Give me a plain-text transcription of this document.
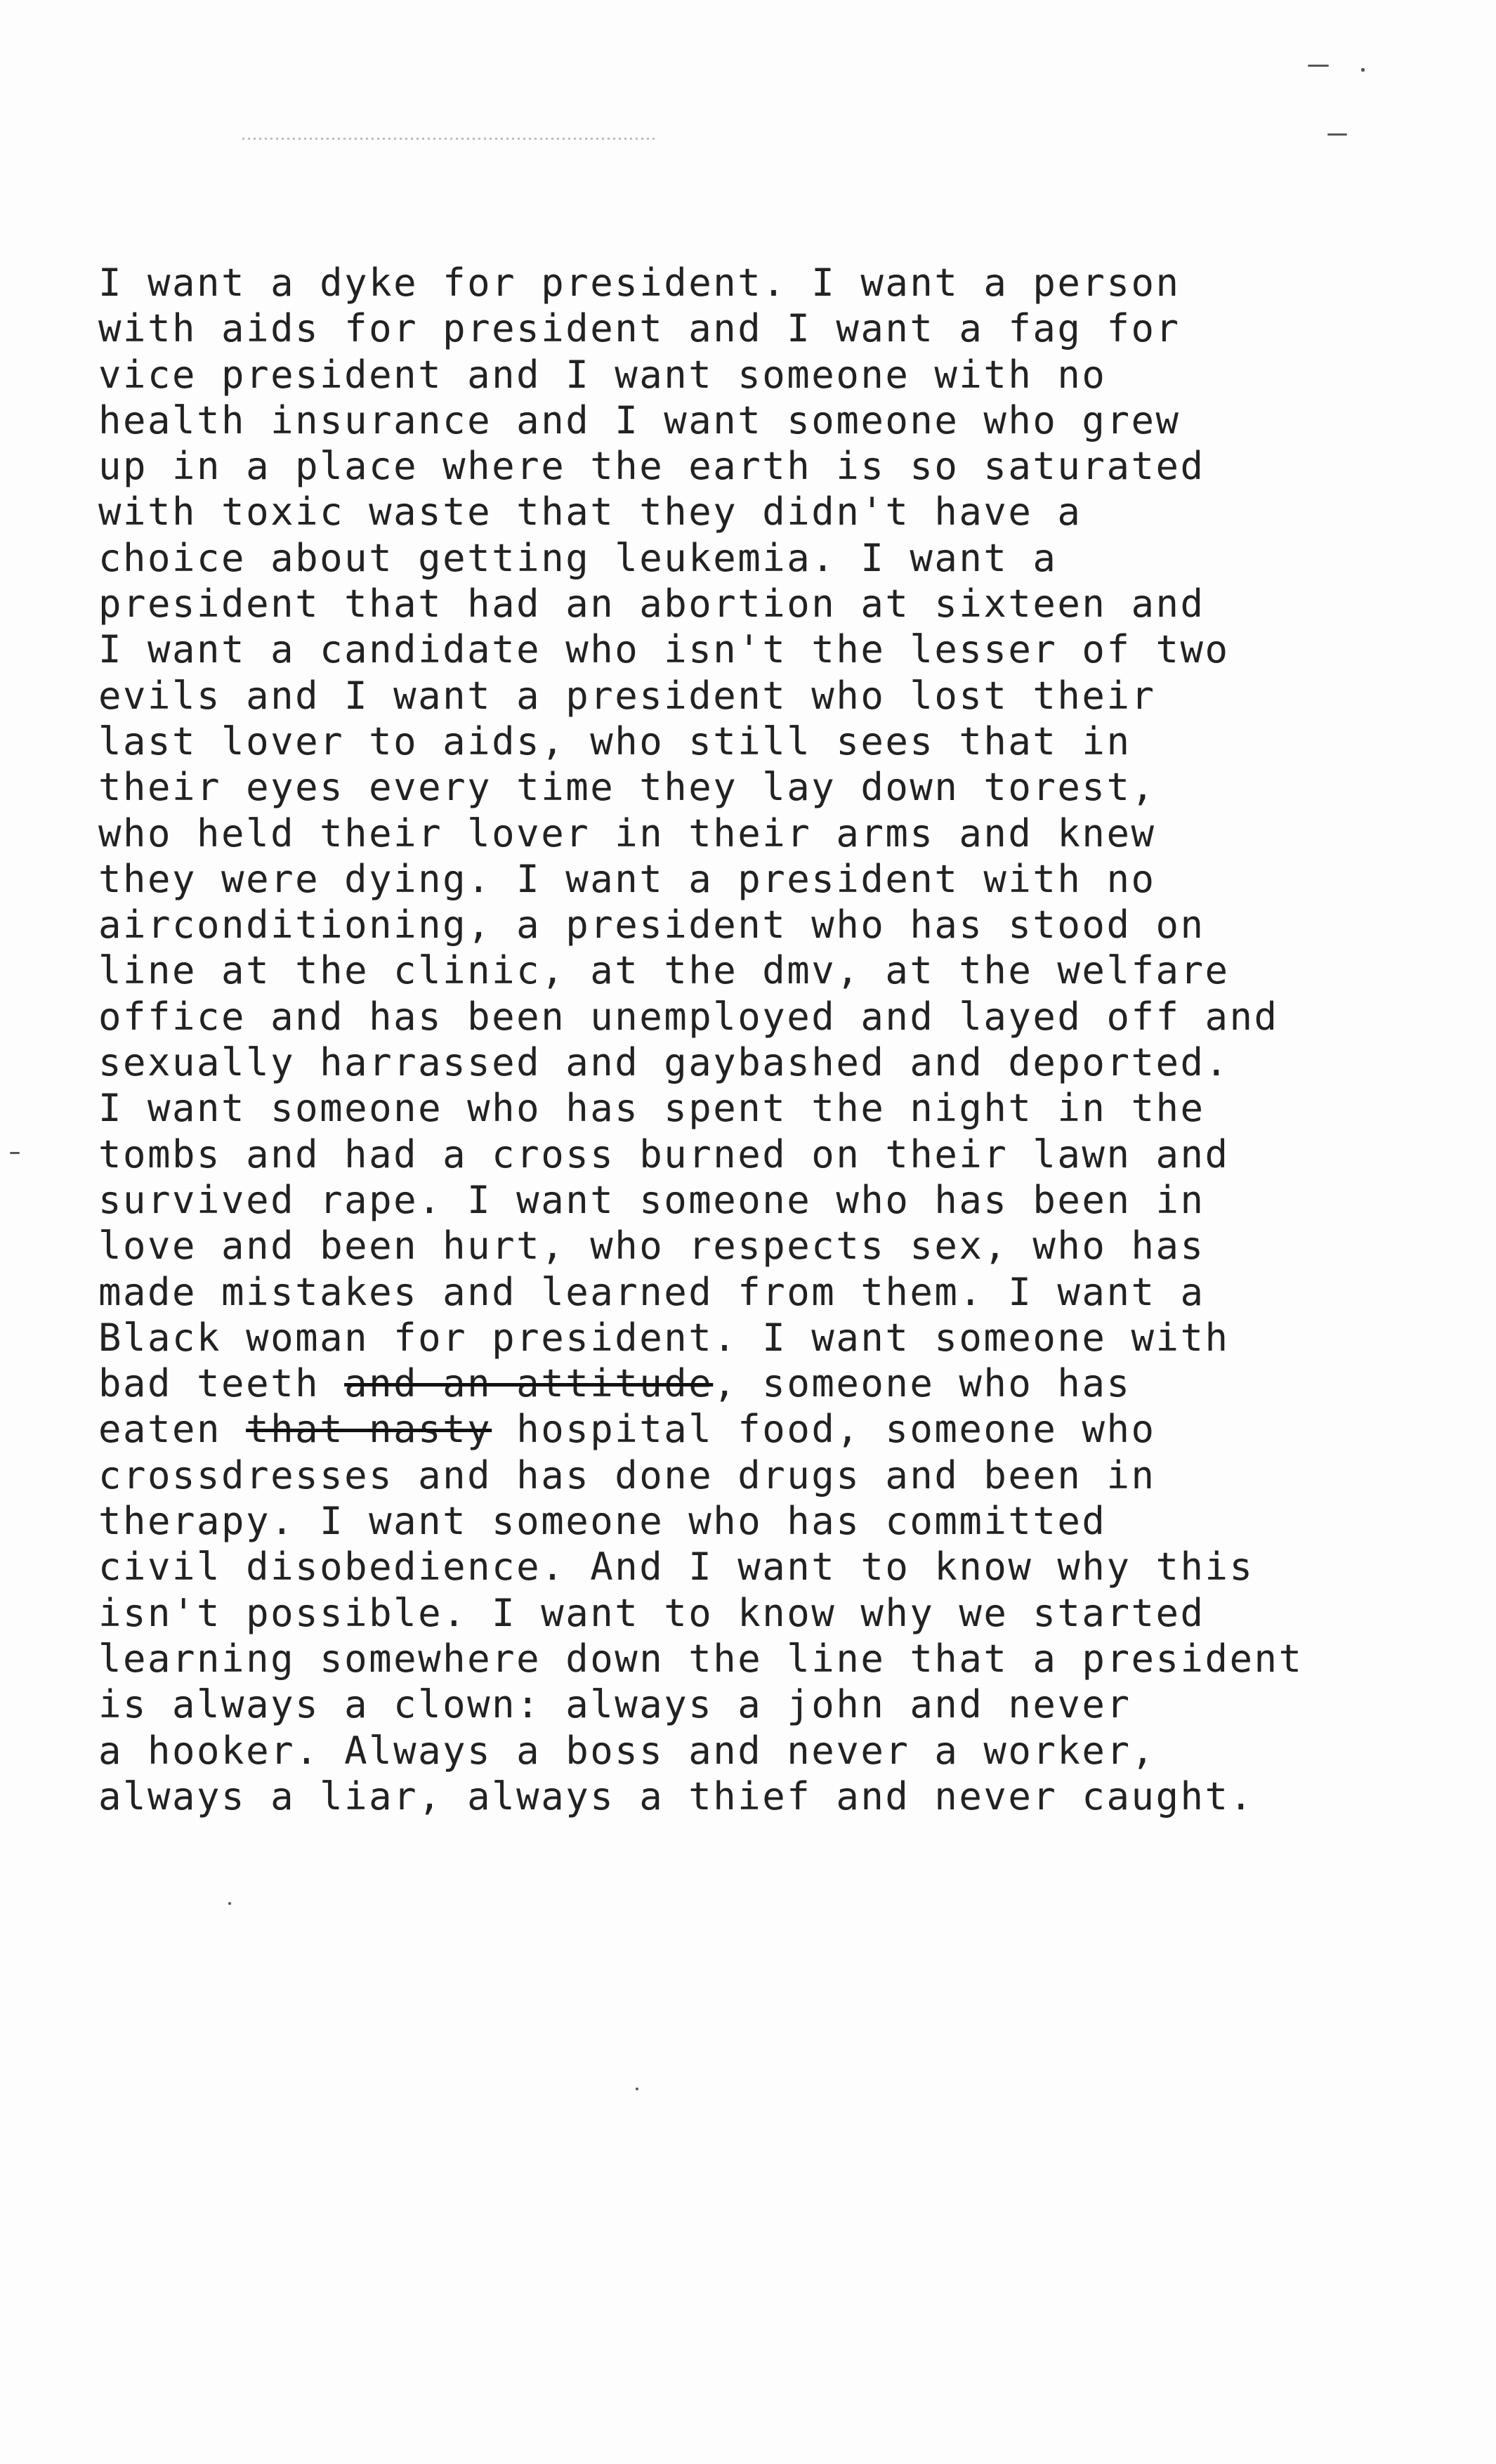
I want a dyke for president. I want a person
with aids for president and I want a fag for
vice president and I want someone with no
health insurance and I want someone who grew
up in a place where the earth is so saturated
with toxic waste that they didn't have a
choice about getting leukemia. I want a
president that had an abortion at sixteen and
I want a candidate who isn't the lesser of two
evils and I want a president who lost their
last lover to aids, who still sees that in
their eyes every time they lay down torest,
who held their lover in their arms and knew
they were dying. I want a president with no
airconditioning, a president who has stood on
line at the clinic, at the dmv, at the welfare
office and has been unemployed and layed off and
sexually harrassed and gaybashed and deported.
I want someone who has spent the night in the
tombs and had a cross burned on their lawn and
survived rape. I want someone who has been in
love and been hurt, who respects sex, who has
made mistakes and learned from them. I want a
Black woman for president. I want someone with
bad teeth and an attitude, someone who has
eaten that nasty hospital food, someone who
crossdresses and has done drugs and been in
therapy. I want someone who has committed
civil disobedience. And I want to know why this
isn't possible. I want to know why we started
learning somewhere down the line that a president
is always a clown: always a john and never
a hooker. Always a boss and never a worker,
always a liar, always a thief and never caught.
